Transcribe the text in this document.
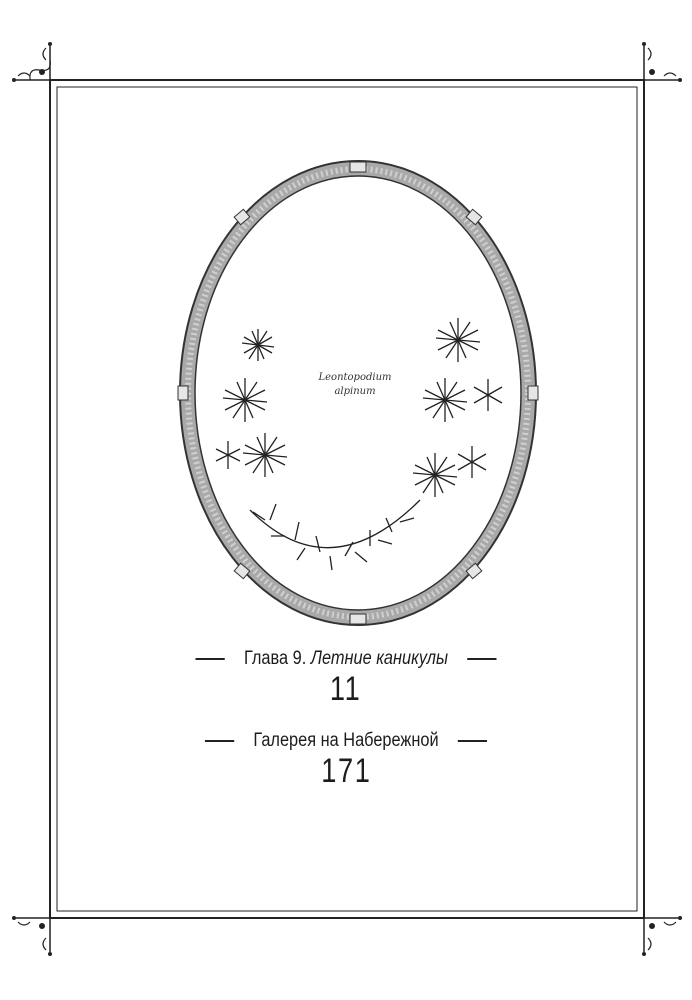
Leontopodium
alpinum
Глава 9. Летние каникулы
11
Галерея на Набережной
171
